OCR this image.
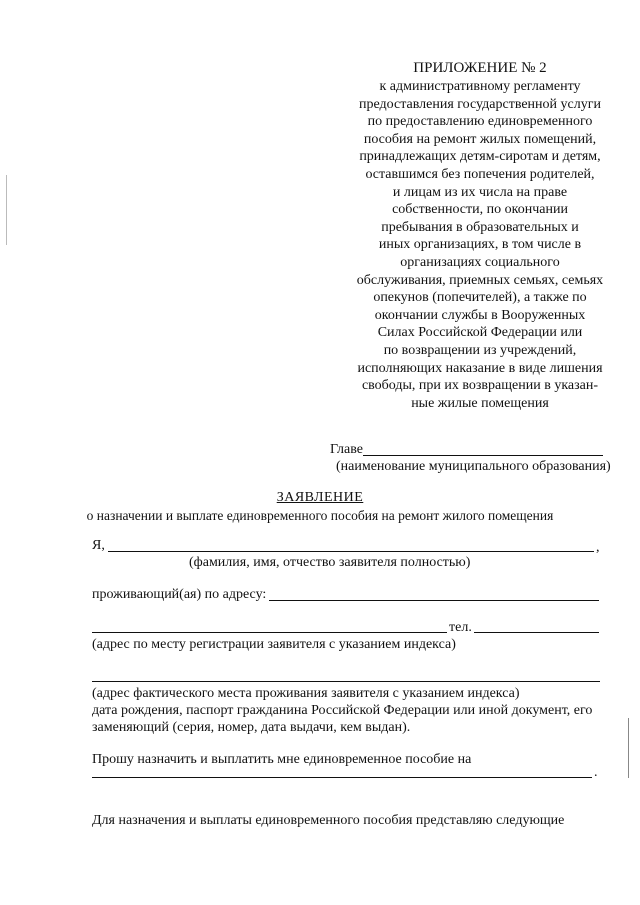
ПРИЛОЖЕНИЕ № 2
к административному регламенту
предоставления государственной услуги
по предоставлению единовременного
пособия на ремонт жилых помещений,
принадлежащих детям-сиротам и детям,
оставшимся без попечения родителей,
и лицам из их числа на праве
собственности, по окончании
пребывания в образовательных и
иных организациях, в том числе в
организациях социального
обслуживания, приемных семьях, семьях
опекунов (попечителей), а также по
окончании службы в Вооруженных
Силах Российской Федерации или
по возвращении из учреждений,
исполняющих наказание в виде лишения
свободы, при их возвращении в указан-
ные жилые помещения
Главе
(наименование муниципального образования)
ЗАЯВЛЕНИЕ
о назначении и выплате единовременного пособия на ремонт жилого помещения
Я,	,
(фамилия, имя, отчество заявителя полностью)
проживающий(ая) по адресу:
тел.
(адрес по месту регистрации заявителя с указанием индекса)
(адрес фактического места проживания заявителя с указанием индекса)
дата рождения, паспорт гражданина Российской Федерации или иной документ, его
заменяющий (серия, номер, дата выдачи, кем выдан).
Прошу назначить и выплатить мне единовременное пособие на
.
Для назначения и выплаты единовременного пособия представляю следующие
